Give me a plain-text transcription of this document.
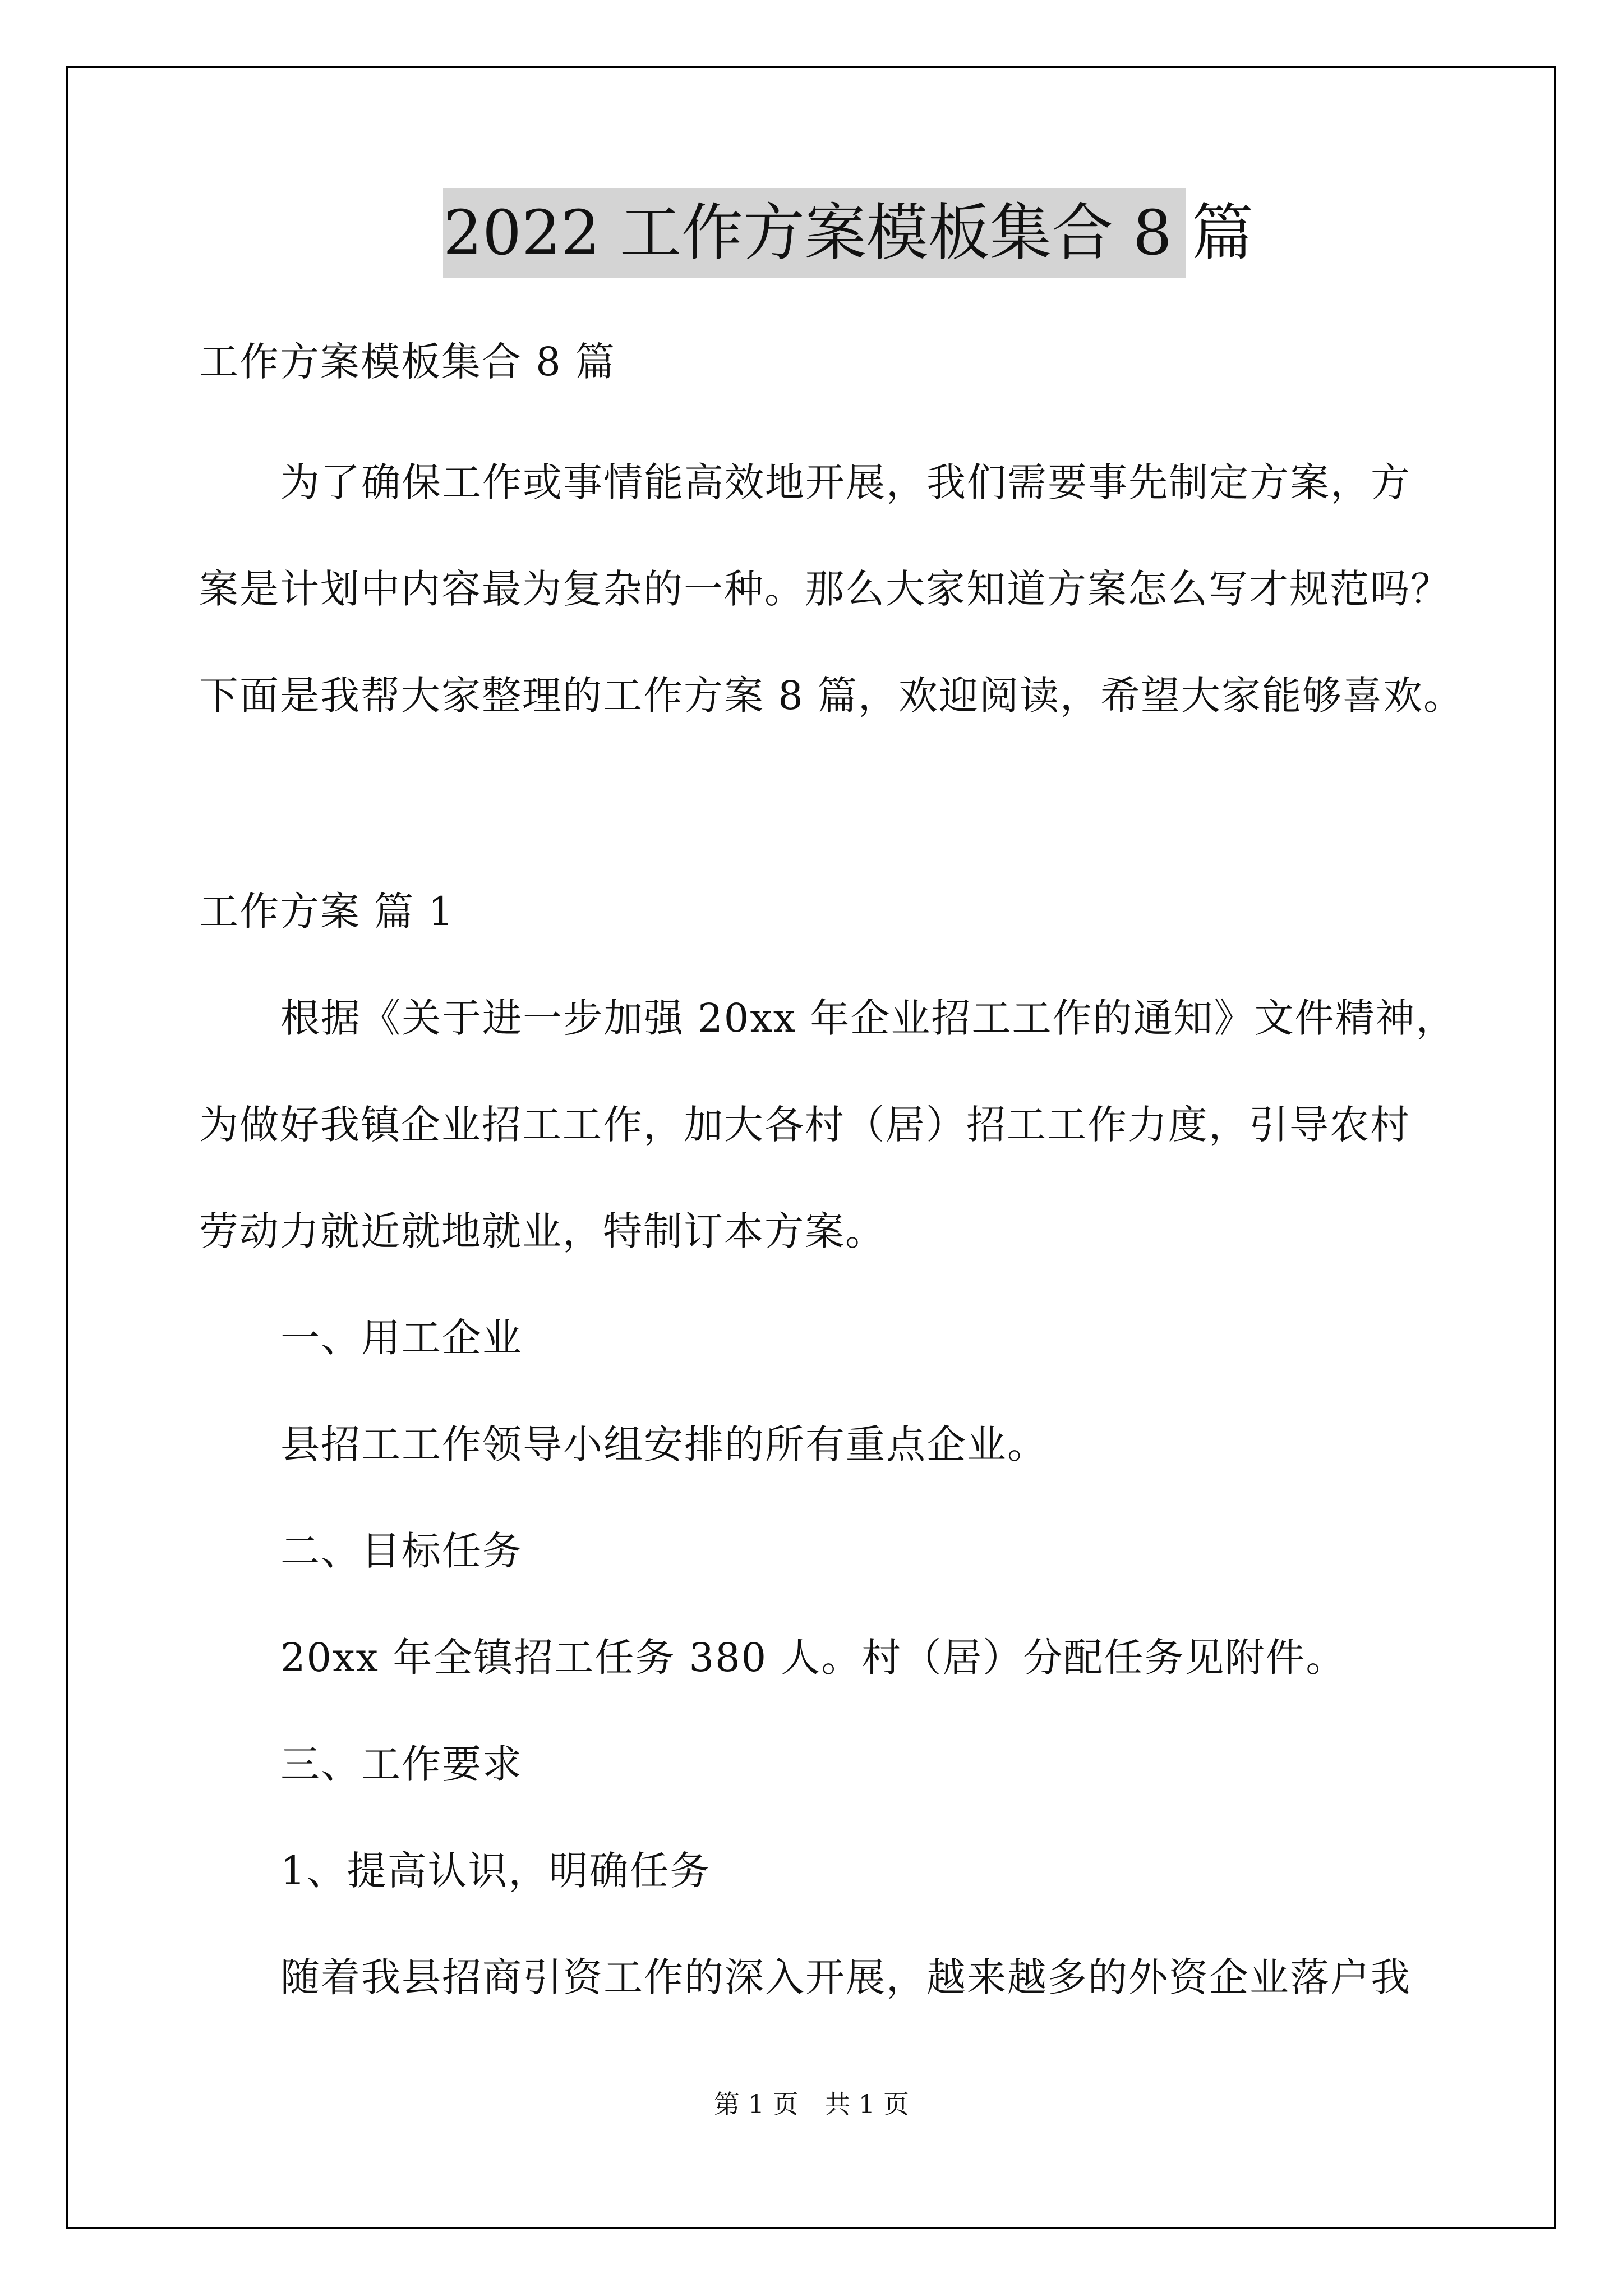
2022 工作方案模板集合 8 篇
工作方案模板集合 8 篇
为了确保工作或事情能高效地开展，我们需要事先制定方案，方
案是计划中内容最为复杂的一种。那么大家知道方案怎么写才规范吗？
下面是我帮大家整理的工作方案 8 篇，欢迎阅读，希望大家能够喜欢。
工作方案 篇 1
根据《关于进一步加强 20xx 年企业招工工作的通知》文件精神，
为做好我镇企业招工工作，加大各村（居）招工工作力度，引导农村
劳动力就近就地就业，特制订本方案。
一、用工企业
县招工工作领导小组安排的所有重点企业。
二、目标任务
20xx 年全镇招工任务 380 人。村（居）分配任务见附件。
三、工作要求
1、提高认识，明确任务
随着我县招商引资工作的深入开展，越来越多的外资企业落户我
第 1 页 共 1 页
